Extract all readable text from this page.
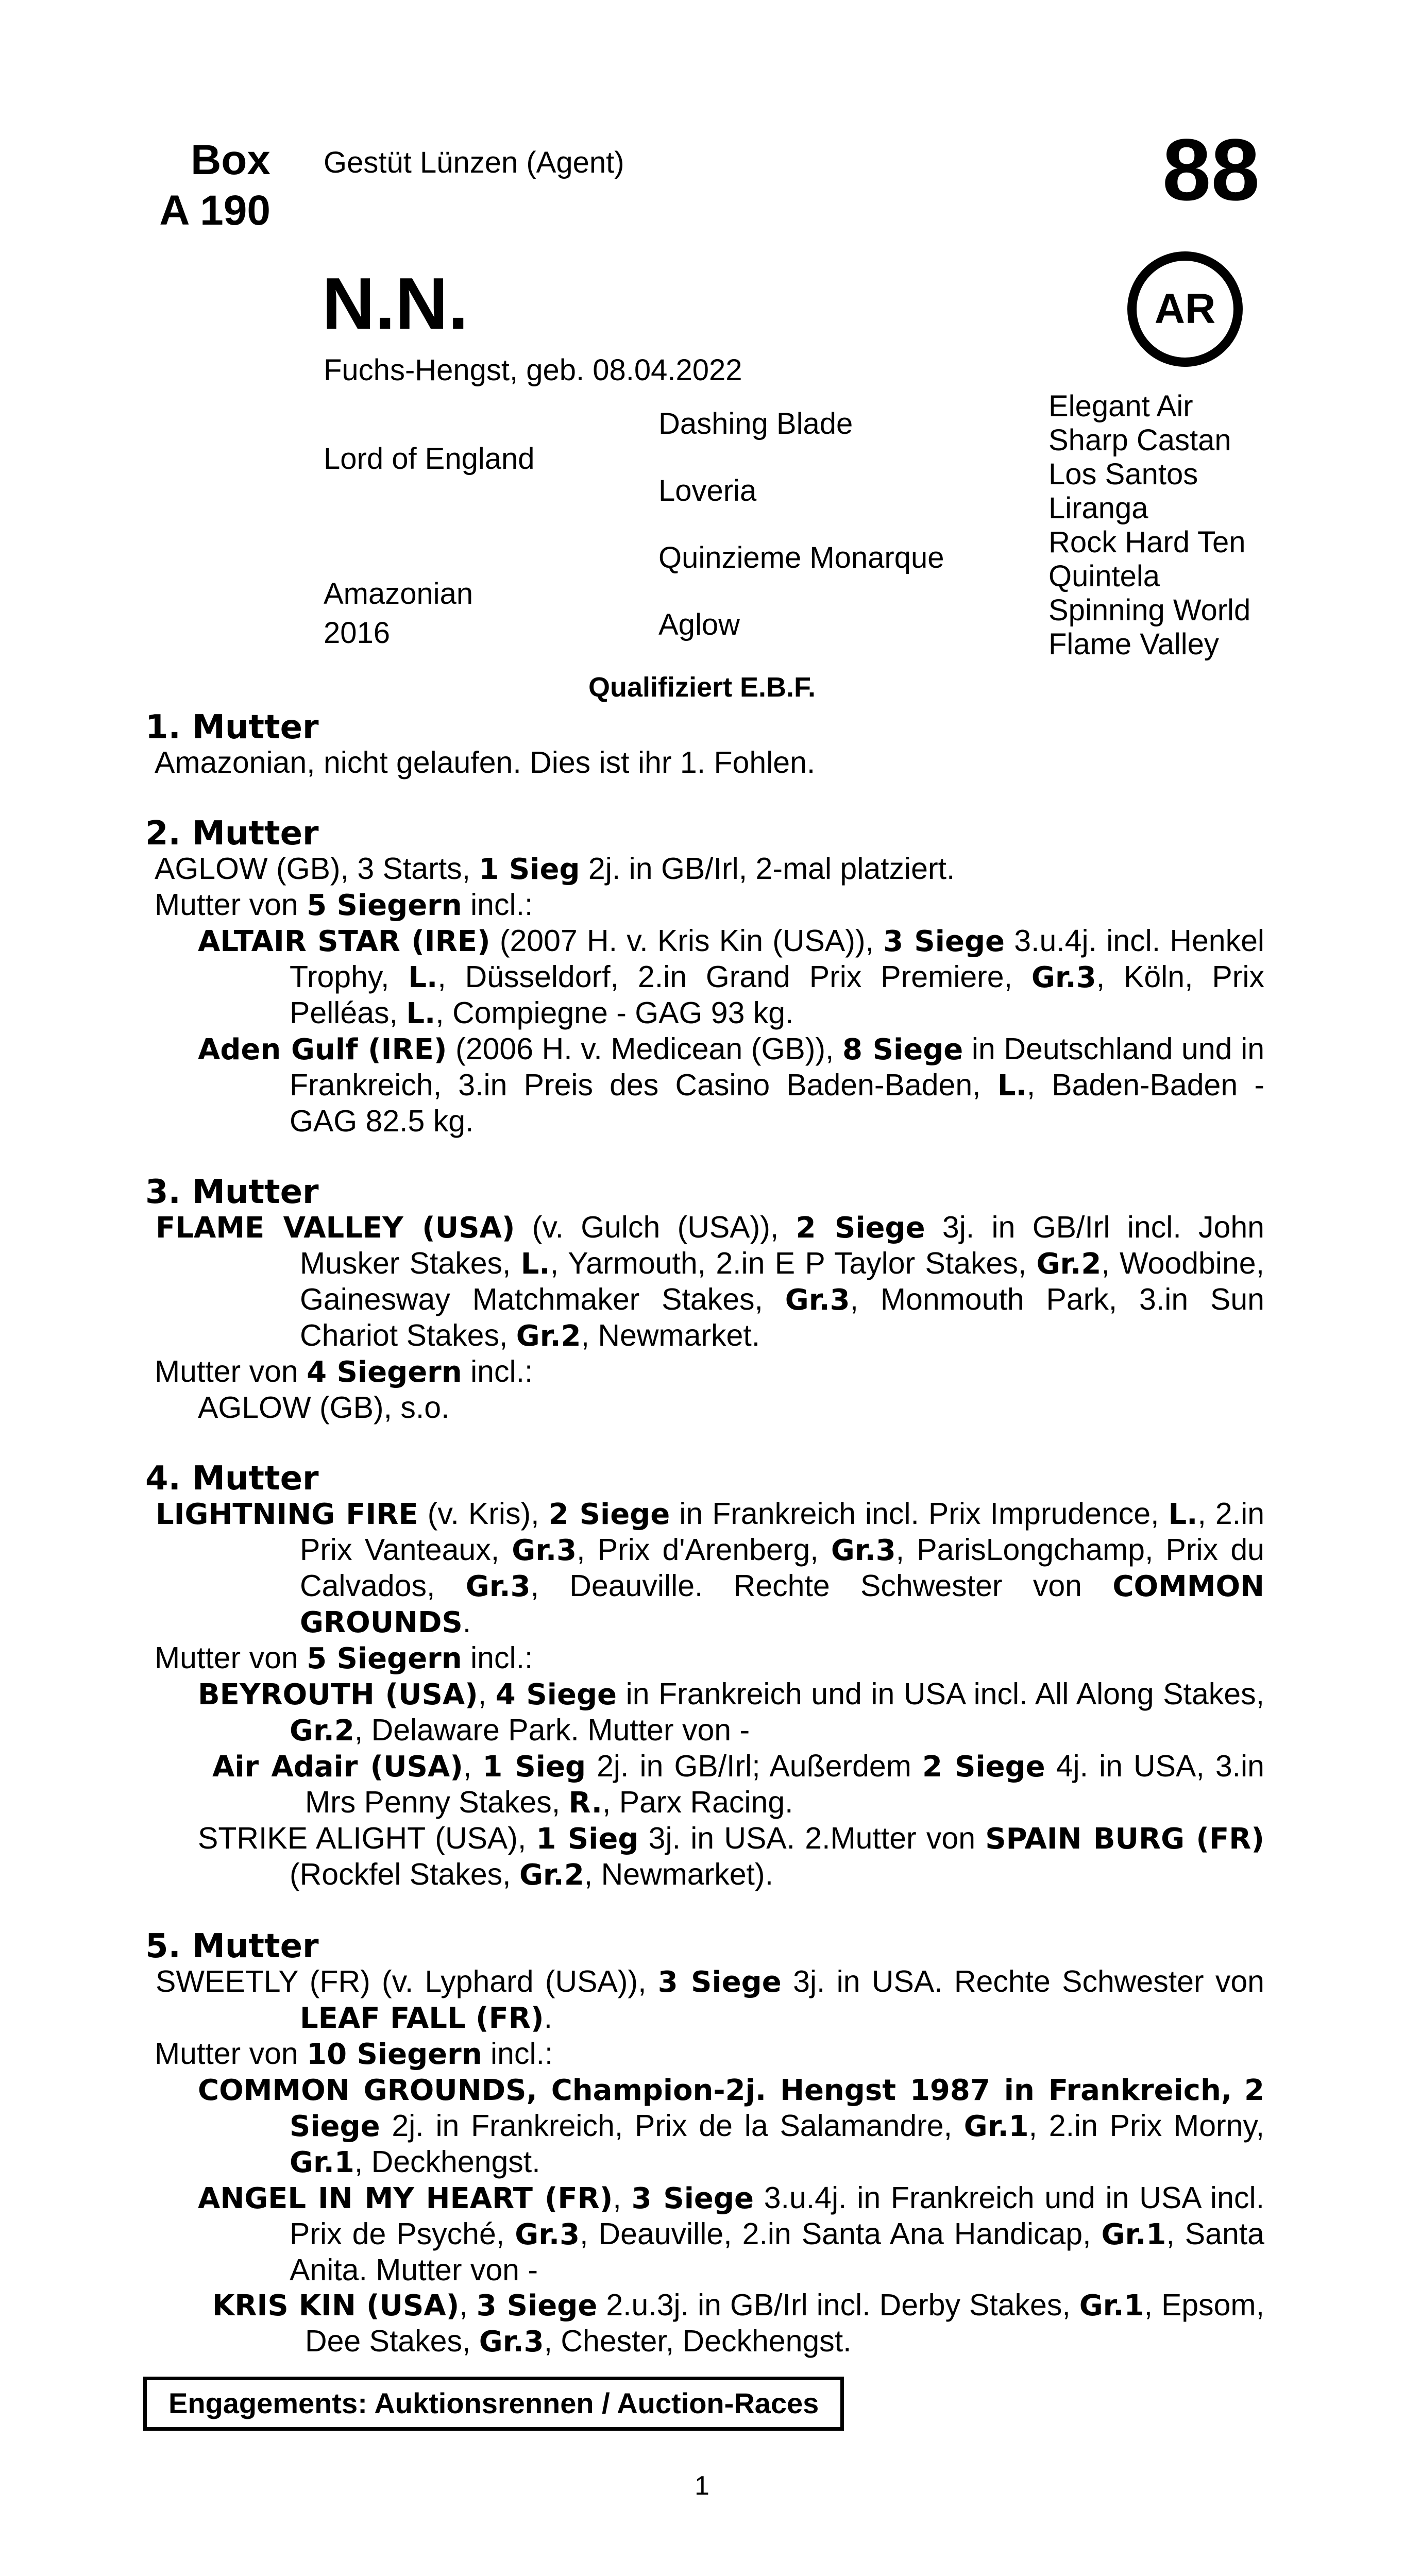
Box
A 190
Gestüt Lünzen (Agent)	88
AR
N.N.
Fuchs-Hengst, geb. 08.04.2022
Lord of England
Amazonian
2016
Dashing Blade
Loveria
Quinzieme Monarque
Aglow
Elegant Air
Sharp Castan
Los Santos
Liranga
Rock Hard Ten
Quintela
Spinning World
Flame Valley
Qualifiziert E.B.F.
1. Mutter
Amazonian, nicht gelaufen. Dies ist ihr 1. Fohlen.
2. Mutter
AGLOW (GB), 3 Starts, 1 Sieg 2j. in GB/Irl, 2-mal platziert.
Mutter von 5 Siegern incl.:
ALTAIR STAR (IRE) (2007 H. v. Kris Kin (USA)), 3 Siege 3.u.4j. incl. Henkel Trophy, L., Düsseldorf, 2.in Grand Prix Premiere, Gr.3, Köln, Prix Pelléas, L., Compiegne - GAG 93 kg.
Aden Gulf (IRE) (2006 H. v. Medicean (GB)), 8 Siege in Deutschland und in Frankreich, 3.in Preis des Casino Baden-Baden, L., Baden-Baden - GAG 82.5 kg.
3. Mutter
FLAME VALLEY (USA) (v. Gulch (USA)), 2 Siege 3j. in GB/Irl incl. John Musker Stakes, L., Yarmouth, 2.in E P Taylor Stakes, Gr.2, Woodbine, Gainesway Matchmaker Stakes, Gr.3, Monmouth Park, 3.in Sun Chariot Stakes, Gr.2, Newmarket.
Mutter von 4 Siegern incl.:
AGLOW (GB), s.o.
4. Mutter
LIGHTNING FIRE (v. Kris), 2 Siege in Frankreich incl. Prix Imprudence, L., 2.in Prix Vanteaux, Gr.3, Prix d'Arenberg, Gr.3, ParisLongchamp, Prix du Calvados, Gr.3, Deauville. Rechte Schwester von COMMON GROUNDS.
Mutter von 5 Siegern incl.:
BEYROUTH (USA), 4 Siege in Frankreich und in USA incl. All Along Stakes, Gr.2, Delaware Park. Mutter von -
Air Adair (USA), 1 Sieg 2j. in GB/Irl; Außerdem 2 Siege 4j. in USA, 3.in Mrs Penny Stakes, R., Parx Racing.
STRIKE ALIGHT (USA), 1 Sieg 3j. in USA. 2.Mutter von SPAIN BURG (FR) (Rockfel Stakes, Gr.2, Newmarket).
5. Mutter
SWEETLY (FR) (v. Lyphard (USA)), 3 Siege 3j. in USA. Rechte Schwester von LEAF FALL (FR).
Mutter von 10 Siegern incl.:
COMMON GROUNDS, Champion-2j. Hengst 1987 in Frankreich, 2 Siege 2j. in Frankreich, Prix de la Salamandre, Gr.1, 2.in Prix Morny, Gr.1, Deckhengst.
ANGEL IN MY HEART (FR), 3 Siege 3.u.4j. in Frankreich und in USA incl. Prix de Psyché, Gr.3, Deauville, 2.in Santa Ana Handicap, Gr.1, Santa Anita. Mutter von -
KRIS KIN (USA), 3 Siege 2.u.3j. in GB/Irl incl. Derby Stakes, Gr.1, Epsom, Dee Stakes, Gr.3, Chester, Deckhengst.
Engagements: Auktionsrennen / Auction-Races
1
